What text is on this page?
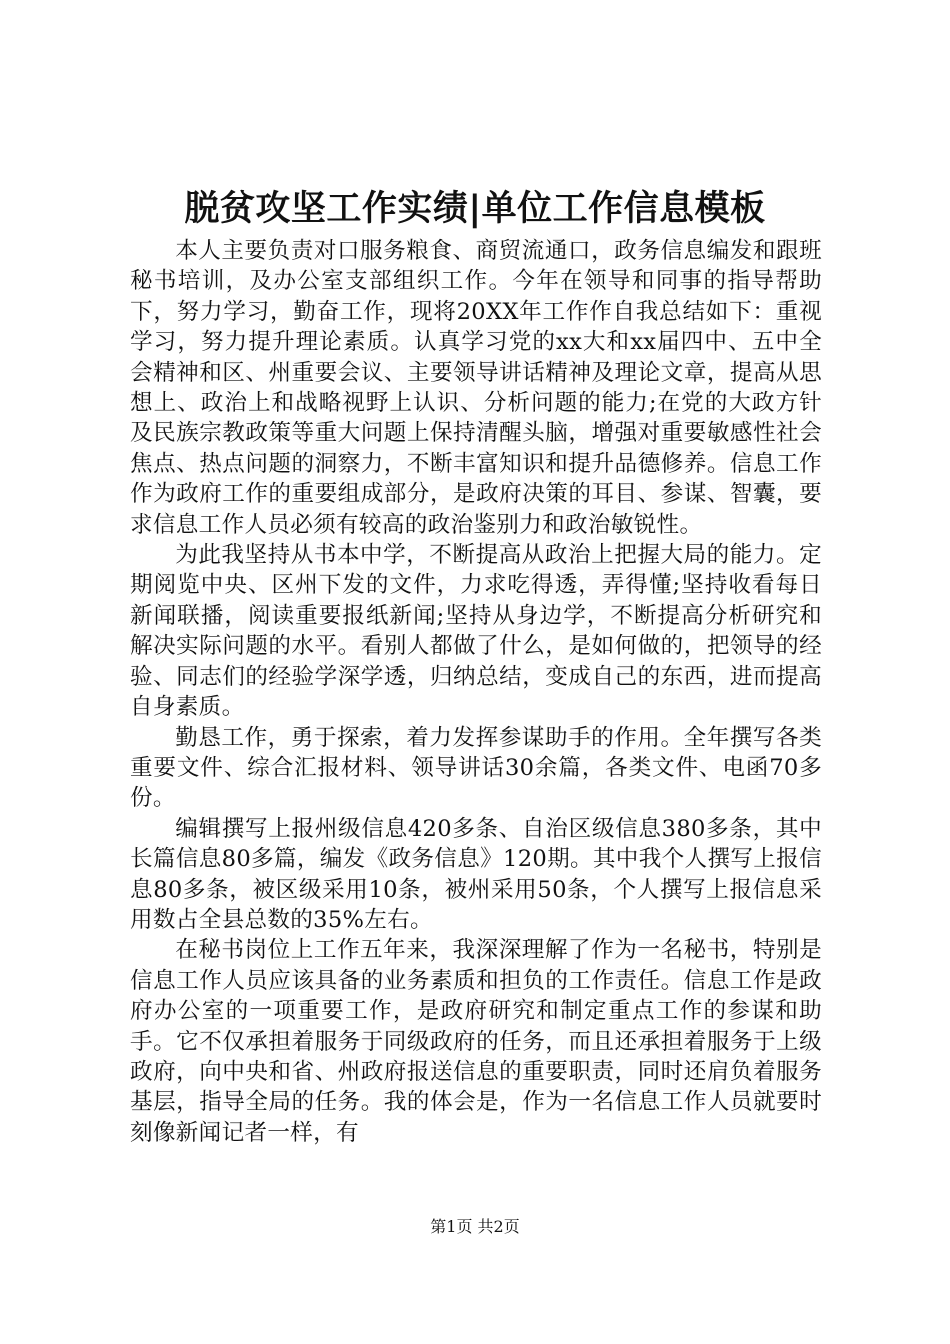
脱贫攻坚工作实绩|单位工作信息模板

本人主要负责对口服务粮食、商贸流通口，政务信息编发和跟班秘书培训，及办公室支部组织工作。今年在领导和同事的指导帮助下，努力学习，勤奋工作，现将20XX年工作作自我总结如下：重视学习，努力提升理论素质。认真学习党的xx大和xx届四中、五中全会精神和区、州重要会议、主要领导讲话精神及理论文章，提高从思想上、政治上和战略视野上认识、分析问题的能力;在党的大政方针及民族宗教政策等重大问题上保持清醒头脑，增强对重要敏感性社会焦点、热点问题的洞察力，不断丰富知识和提升品德修养。信息工作作为政府工作的重要组成部分，是政府决策的耳目、参谋、智囊，要求信息工作人员必须有较高的政治鉴别力和政治敏锐性。

为此我坚持从书本中学，不断提高从政治上把握大局的能力。定期阅览中央、区州下发的文件，力求吃得透，弄得懂;坚持收看每日新闻联播，阅读重要报纸新闻;坚持从身边学，不断提高分析研究和解决实际问题的水平。看别人都做了什么，是如何做的，把领导的经验、同志们的经验学深学透，归纳总结，变成自己的东西，进而提高自身素质。

勤恳工作，勇于探索，着力发挥参谋助手的作用。全年撰写各类重要文件、综合汇报材料、领导讲话30余篇，各类文件、电函70多份。

编辑撰写上报州级信息420多条、自治区级信息380多条，其中长篇信息80多篇，编发《政务信息》120期。其中我个人撰写上报信息80多条，被区级采用10条，被州采用50条，个人撰写上报信息采用数占全县总数的35%左右。

在秘书岗位上工作五年来，我深深理解了作为一名秘书，特别是信息工作人员应该具备的业务素质和担负的工作责任。信息工作是政府办公室的一项重要工作，是政府研究和制定重点工作的参谋和助手。它不仅承担着服务于同级政府的任务，而且还承担着服务于上级政府，向中央和省、州政府报送信息的重要职责，同时还肩负着服务基层，指导全局的任务。我的体会是，作为一名信息工作人员就要时刻像新闻记者一样，有

第1页 共2页
